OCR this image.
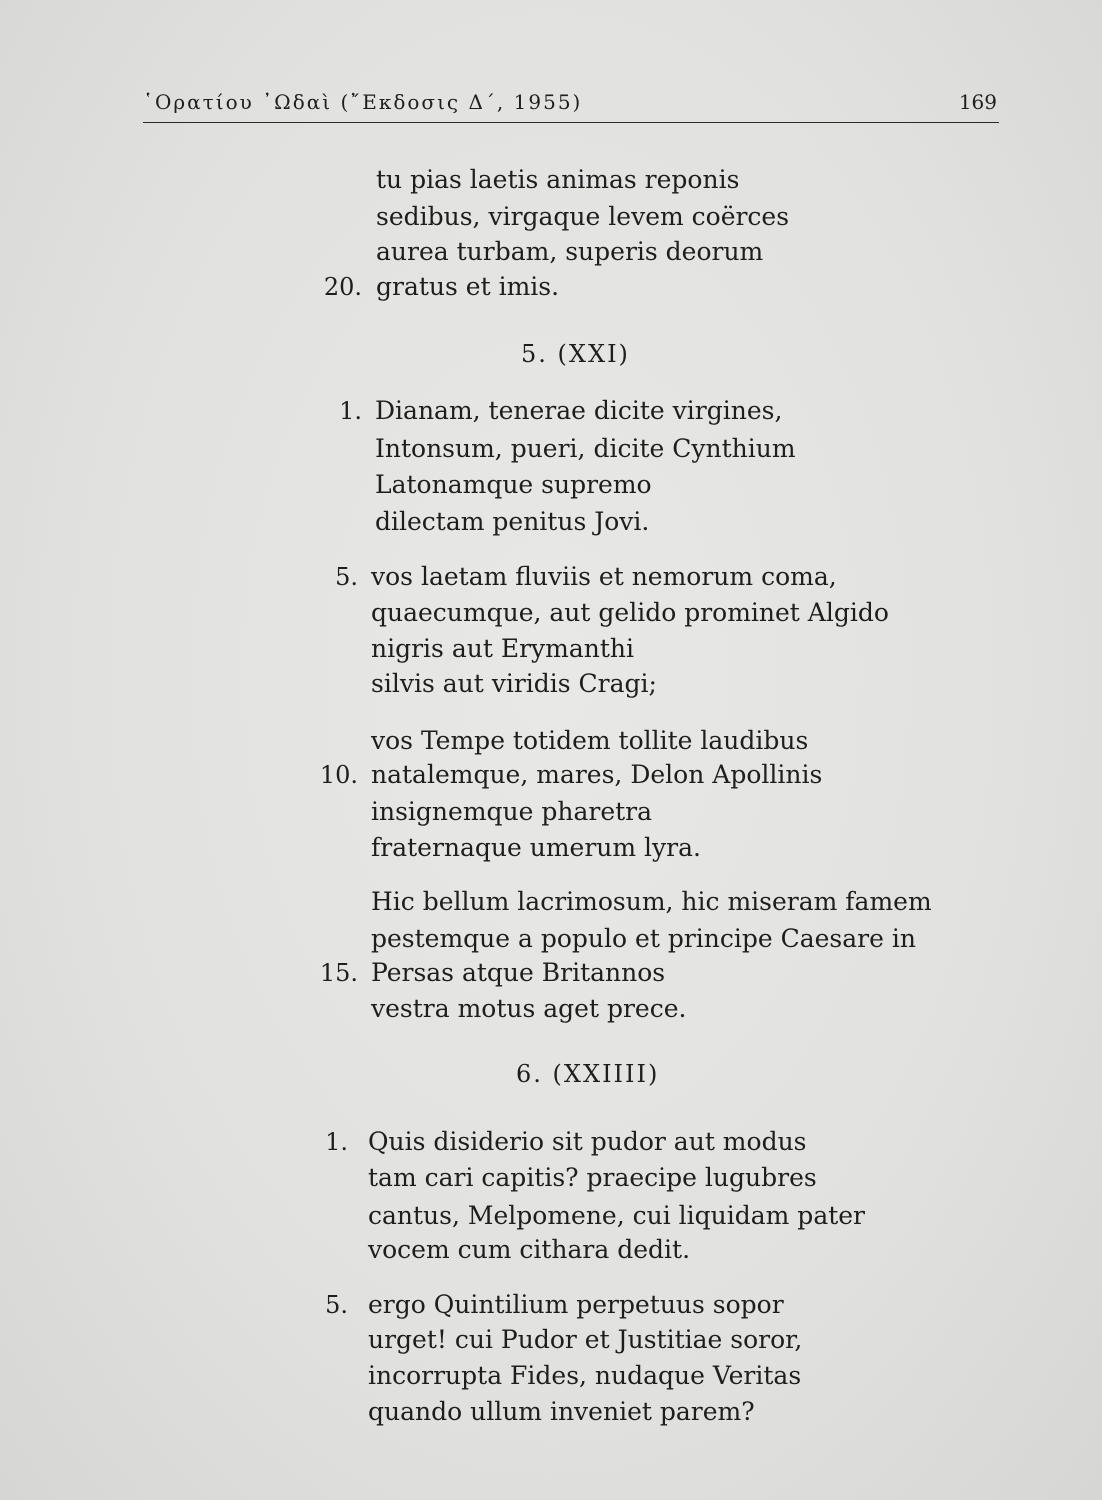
῾Ορατίου ᾿Ωδαὶ (῎Εκδοσις Δ΄, 1955)	169
tu pias laetis animas reponis
sedibus, virgaque levem coërces
aurea turbam, superis deorum
20. gratus et imis.
5. (XXI)
1. Dianam, tenerae dicite virgines,
Intonsum, pueri, dicite Cynthium
Latonamque supremo
dilectam penitus Jovi.
5. vos laetam fluviis et nemorum coma,
quaecumque, aut gelido prominet Algido
nigris aut Erymanthi
silvis aut viridis Cragi;
vos Tempe totidem tollite laudibus
10. natalemque, mares, Delon Apollinis
insignemque pharetra
fraternaque umerum lyra.
Hic bellum lacrimosum, hic miseram famem
pestemque a populo et principe Caesare in
15. Persas atque Britannos
vestra motus aget prece.
6. (XXIIII)
1. Quis disiderio sit pudor aut modus
tam cari capitis? praecipe lugubres
cantus, Melpomene, cui liquidam pater
vocem cum cithara dedit.
5. ergo Quintilium perpetuus sopor
urget! cui Pudor et Justitiae soror,
incorrupta Fides, nudaque Veritas
quando ullum inveniet parem?
